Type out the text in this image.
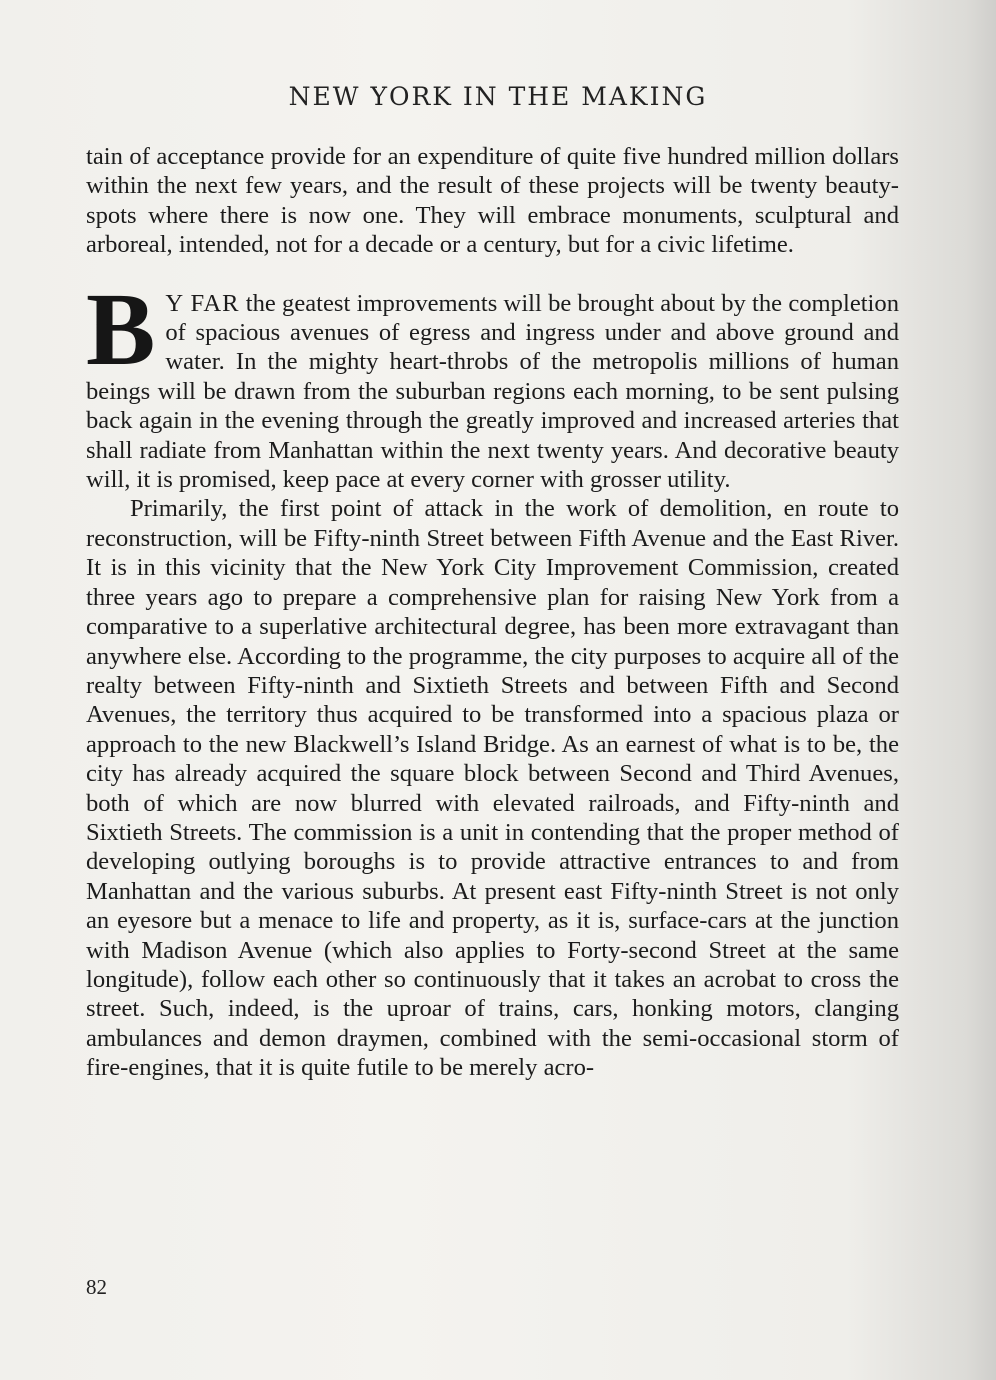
NEW YORK IN THE MAKING

tain of acceptance provide for an expenditure of quite five hundred million dollars within the next few years, and the result of these projects will be twenty beauty-spots where there is now one. They will embrace monuments, sculptural and arboreal, intended, not for a decade or a century, but for a civic lifetime.

B Y FAR the geatest improvements will be brought about by the completion of spacious avenues of egress and ingress under and above ground and water. In the mighty heart-throbs of the metropolis millions of human beings will be drawn from the suburban regions each morning, to be sent pulsing back again in the evening through the greatly improved and increased arteries that shall radiate from Manhattan within the next twenty years. And decorative beauty will, it is promised, keep pace at every corner with grosser utility.

Primarily, the first point of attack in the work of demolition, en route to reconstruction, will be Fifty-ninth Street between Fifth Avenue and the East River. It is in this vicinity that the New York City Improvement Commission, created three years ago to prepare a comprehensive plan for raising New York from a comparative to a superlative architectural degree, has been more extravagant than anywhere else. According to the programme, the city purposes to acquire all of the realty between Fifty-ninth and Sixtieth Streets and between Fifth and Second Avenues, the territory thus acquired to be transformed into a spacious plaza or approach to the new Blackwell’s Island Bridge. As an earnest of what is to be, the city has already acquired the square block between Second and Third Avenues, both of which are now blurred with elevated railroads, and Fifty-ninth and Sixtieth Streets. The commission is a unit in contending that the proper method of developing outlying boroughs is to provide attractive entrances to and from Manhattan and the various suburbs. At present east Fifty-ninth Street is not only an eyesore but a menace to life and property, as it is, surface-cars at the junction with Madison Avenue (which also applies to Forty-second Street at the same longitude), follow each other so continuously that it takes an acrobat to cross the street. Such, indeed, is the uproar of trains, cars, honking motors, clanging ambulances and demon draymen, combined with the semi-occasional storm of fire-engines, that it is quite futile to be merely acro-

82
